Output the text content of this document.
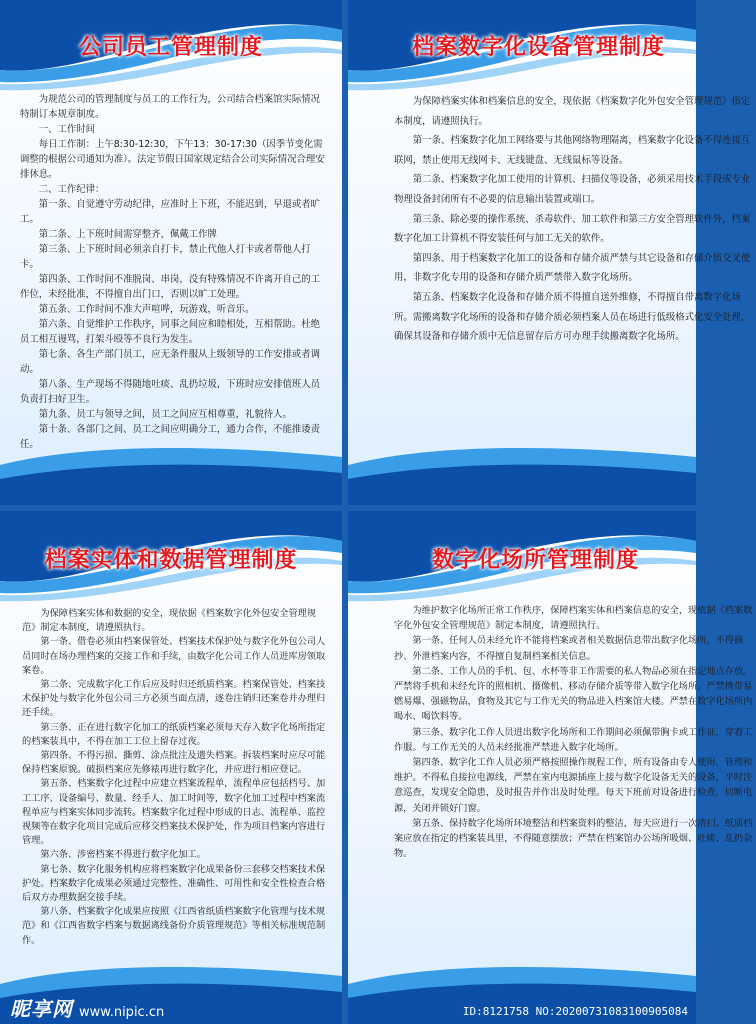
公司员工管理制度

为规范公司的管理制度与员工的工作行为，公司结合档案馆实际情况特制订本规章制度。

一、工作时间

每日工作制：上午8:30-12:30，下午13：30-17:30（因季节变化需调整的根据公司通知为准）。法定节假日国家规定结合公司实际情况合理安排休息。

二、工作纪律：

第一条、自觉遵守劳动纪律，应准时上下班，不能迟到，早退或者旷工。

第二条、上下班时间需穿整齐，佩戴工作牌

第三条、上下班时间必须亲自打卡，禁止代他人打卡或者帮他人打卡。

第四条、工作时间不准脱岗、串岗，没有特殊情况不许离开自己的工作位，未经批准，不得擅自出门口，否则以旷工处理。

第五条、工作时间不准大声喧哗，玩游戏，听音乐。

第六条、自觉维护工作秩序，同事之间应和睦相处，互相帮助。杜绝员工相互谩骂，打架斗殴等不良行为发生。

第七条、各生产部门员工，应无条件服从上级领导的工作安排或者调动。

第八条、生产现场不得随地吐痰、乱扔垃圾，下班时应安排值班人员负责打扫好卫生。

第九条、员工与领导之间，员工之间应互相尊重，礼貌待人。

第十条、各部门之间、员工之间应明确分工，通力合作，不能推诿责任。

档案数字化设备管理制度

为保障档案实体和档案信息的安全，现依据《档案数字化外包安全管理规范》指定本制度，请遵照执行。

第一条、档案数字化加工网络要与其他网络物理隔离，档案数字化设备不得连接互联网，禁止使用无线网卡、无线键盘、无线鼠标等设备。

第二条、档案数字化加工使用的计算机、扫描仪等设备，必须采用技术手段或专业物理设备封闭所有不必要的信息输出装置或端口。

第三条、除必要的操作系统、杀毒软件、加工软件和第三方安全管理软件外，档案数字化加工计算机不得安装任何与加工无关的软件。

第四条、用于档案数字化加工的设备和存储介质严禁与其它设备和存储介质交叉使用，非数字化专用的设备和存储介质严禁带入数字化场所。

第五条、档案数字化设备和存储介质不得擅自送外维修，不得擅自带离数字化场所。需搬离数字化场所的设备和存储介质必须档案人员在场进行低级格式化安全处理，确保其设备和存储介质中无信息留存后方可办理手续搬离数字化场所。

档案实体和数据管理制度

为保障档案实体和数据的安全，现依据《档案数字化外包安全管理规范》制定本制度，请遵照执行。

第一条、借卷必须由档案保管处、档案技术保护处与数字化外包公司人员同时在场办理档案的交接工作和手续，由数字化公司工作人员进库房领取案卷。

第二条、完成数字化工作后应及时归还纸质档案。档案保管处、档案技术保护处与数字化外包公司三方必须当面点清，逐卷注销归还案卷并办理归还手续。

第三条、正在进行数字化加工的纸质档案必须每天存入数字化场所指定的档案装具中，不得在加工工位上留存过夜。

第四条、不得污损、撕剪、涂点批注及遗失档案。拆装档案时应尽可能保持档案原貌。破损档案应先修裱再进行数字化，并应进行相应登记。

第五条、档案数字化过程中应建立档案流程单，流程单应包括档号、加工工序、设备编号、数量、经手人、加工时间等，数字化加工过程中档案流程单应与档案实体同步流转。档案数字化过程中形成的日志、流程单、监控视频等在数字化项目完成后应移交档案技术保护处，作为项目档案内容进行管理。

第六条、涉密档案不得进行数字化加工。

第七条、数字化服务机构应将档案数字化成果备份三套移交档案技术保护处。档案数字化成果必须通过完整性、准确性、可用性和安全性检查合格后双方办理数据交接手续。

第八条、档案数字化成果应按照《江西省纸质档案数字化管理与技术规范》和《江西省数字档案与数据离线备份介质管理规范》等相关标准规范制作。

数字化场所管理制度

为维护数字化场所正常工作秩序，保障档案实体和档案信息的安全，现依据《档案数字化外包安全管理规范》制定本制度，请遵照执行。

第一条、任何人员未经允许不能将档案或者相关数据信息带出数字化场所，不得摘抄、外泄档案内容，不得擅自复制档案相关信息。

第二条、工作人员的手机、包、水杯等非工作需要的私人物品必须在指定地点存放。严禁将手机和未经允许的照相机、摄像机、移动存储介质等带入数字化场所。严禁携带易燃易爆、强磁物品，食物及其它与工作无关的物品进入档案馆大楼。严禁在数字化场所内喝水、喝饮料等。

第三条、数字化工作人员进出数字化场所和工作期间必须佩带胸卡或工作证，穿着工作服。与工作无关的人员未经批准严禁进入数字化场所。

第四条、数字化工作人员必须严格按照操作规程工作，所有设备由专人使用、管理和维护。不得私自接拉电源线，严禁在室内电源插座上接与数字化设备无关的设备，平时注意巡查，发现安全隐患，及时报告并作出及时处理。每天下班前对设备进行检查，切断电源，关闭并锁好门窗。

第五条、保持数字化场所环境整洁和档案资料的整洁，每天应进行一次清扫。纸质档案应放在指定的档案装具里，不得随意摆放；严禁在档案馆办公场所吸烟、吐痰、乱扔杂物。

昵享网 www.nipic.cn	ID:8121758 NO:20200731083100905084
